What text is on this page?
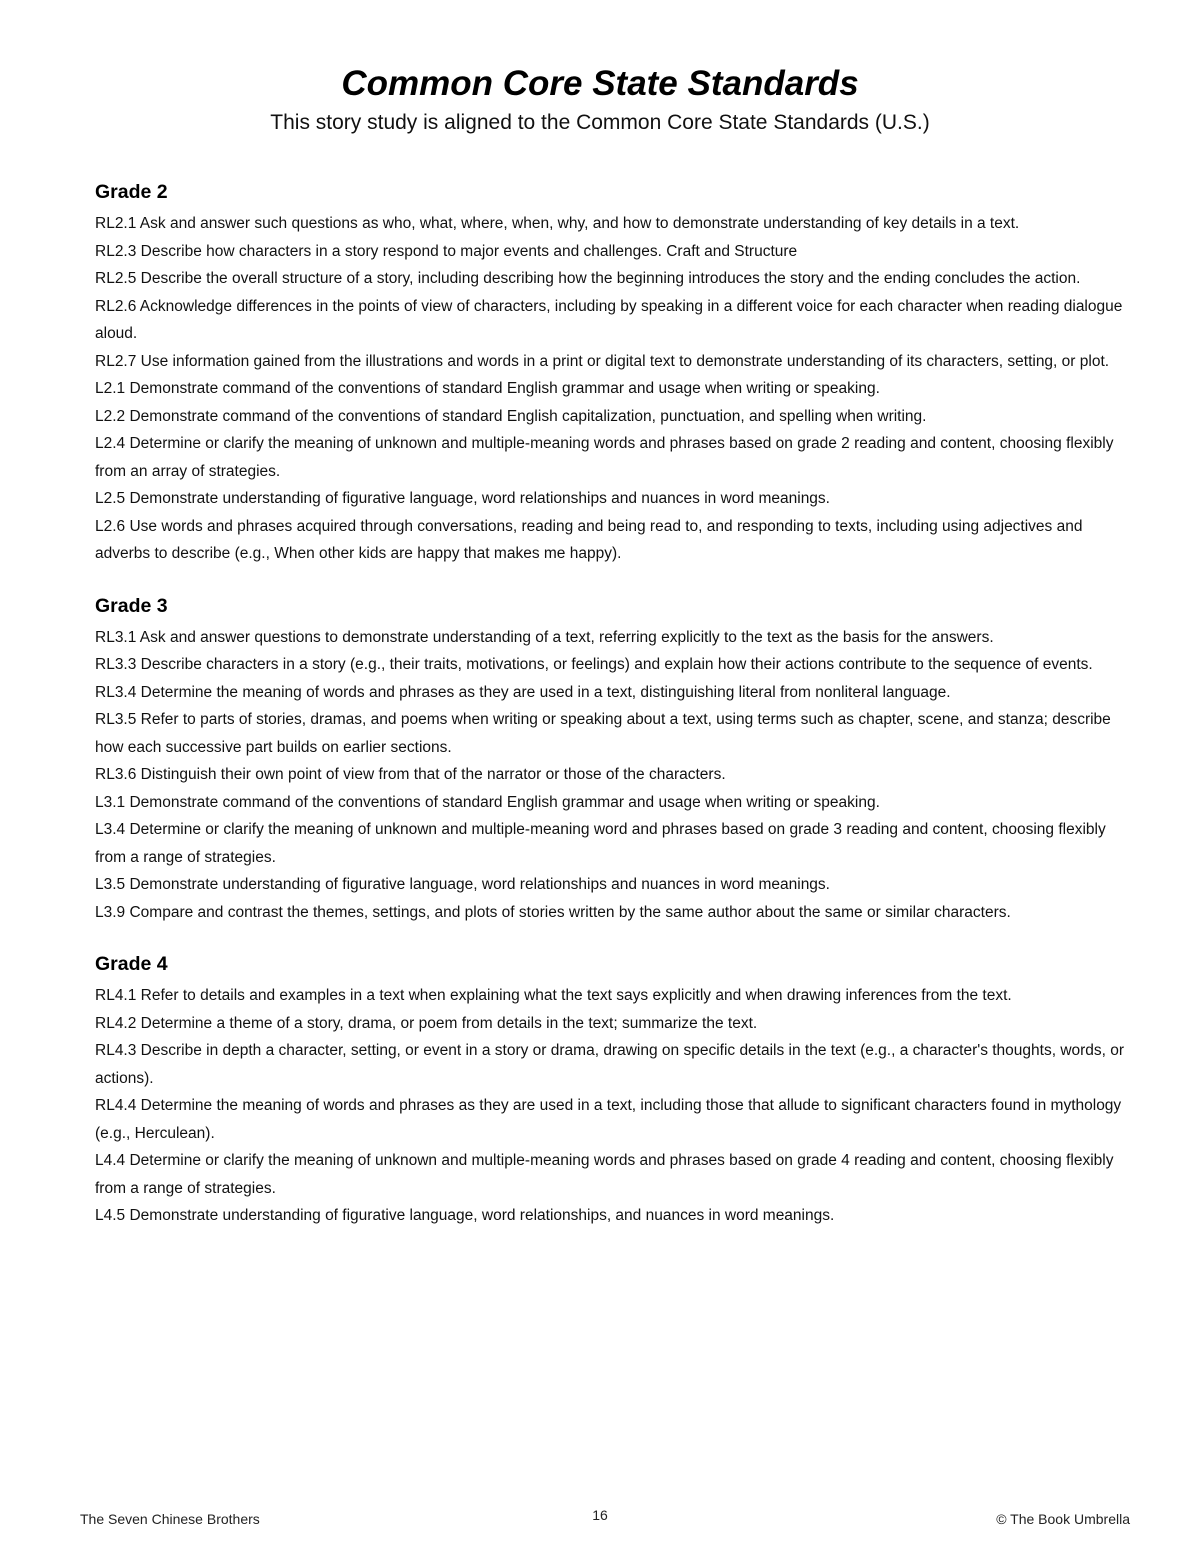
Common Core State Standards

This story study is aligned to the Common Core State Standards (U.S.)

Grade 2

RL2.1 Ask and answer such questions as who, what, where, when, why, and how to demonstrate understanding of key details in a text.

RL2.3 Describe how characters in a story respond to major events and challenges. Craft and Structure

RL2.5 Describe the overall structure of a story, including describing how the beginning introduces the story and the ending concludes the action.

RL2.6 Acknowledge differences in the points of view of characters, including by speaking in a different voice for each character when reading dialogue aloud.

RL2.7 Use information gained from the illustrations and words in a print or digital text to demonstrate understanding of its characters, setting, or plot.

L2.1 Demonstrate command of the conventions of standard English grammar and usage when writing or speaking.

L2.2 Demonstrate command of the conventions of standard English capitalization, punctuation, and spelling when writing.

L2.4 Determine or clarify the meaning of unknown and multiple-meaning words and phrases based on grade 2 reading and content, choosing flexibly from an array of strategies.

L2.5 Demonstrate understanding of figurative language, word relationships and nuances in word meanings.

L2.6 Use words and phrases acquired through conversations, reading and being read to, and responding to texts, including using adjectives and adverbs to describe (e.g., When other kids are happy that makes me happy).

Grade 3

RL3.1 Ask and answer questions to demonstrate understanding of a text, referring explicitly to the text as the basis for the answers.

RL3.3 Describe characters in a story (e.g., their traits, motivations, or feelings) and explain how their actions contribute to the sequence of events.

RL3.4 Determine the meaning of words and phrases as they are used in a text, distinguishing literal from nonliteral language.

RL3.5 Refer to parts of stories, dramas, and poems when writing or speaking about a text, using terms such as chapter, scene, and stanza; describe how each successive part builds on earlier sections.

RL3.6 Distinguish their own point of view from that of the narrator or those of the characters.

L3.1 Demonstrate command of the conventions of standard English grammar and usage when writing or speaking.

L3.4 Determine or clarify the meaning of unknown and multiple-meaning word and phrases based on grade 3 reading and content, choosing flexibly from a range of strategies.

L3.5 Demonstrate understanding of figurative language, word relationships and nuances in word meanings.

L3.9 Compare and contrast the themes, settings, and plots of stories written by the same author about the same or similar characters.

Grade 4

RL4.1 Refer to details and examples in a text when explaining what the text says explicitly and when drawing inferences from the text.

RL4.2 Determine a theme of a story, drama, or poem from details in the text; summarize the text.

RL4.3 Describe in depth a character, setting, or event in a story or drama, drawing on specific details in the text (e.g., a character's thoughts, words, or actions).

RL4.4 Determine the meaning of words and phrases as they are used in a text, including those that allude to significant characters found in mythology (e.g., Herculean).

L4.4 Determine or clarify the meaning of unknown and multiple-meaning words and phrases based on grade 4 reading and content, choosing flexibly from a range of strategies.

L4.5 Demonstrate understanding of figurative language, word relationships, and nuances in word meanings.

The Seven Chinese Brothers	16	© The Book Umbrella
